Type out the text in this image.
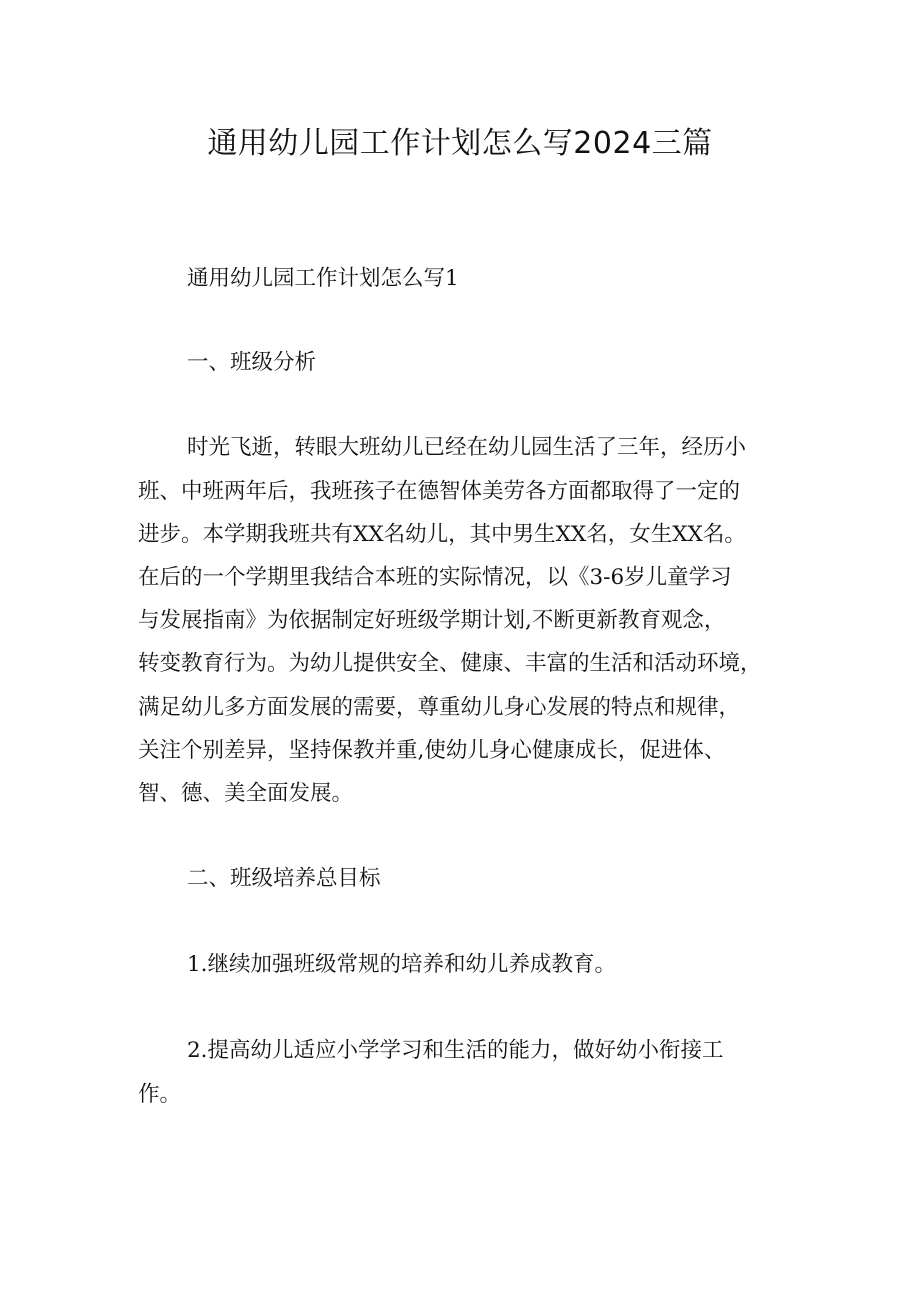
通用幼儿园工作计划怎么写2024三篇

通用幼儿园工作计划怎么写1

一、班级分析

时光飞逝，转眼大班幼儿已经在幼儿园生活了三年，经历小

班、中班两年后，我班孩子在德智体美劳各方面都取得了一定的

进步。本学期我班共有XX名幼儿，其中男生XX名，女生XX名。

在后的一个学期里我结合本班的实际情况，以《3-6岁儿童学习

与发展指南》为依据制定好班级学期计划,不断更新教育观念，

转变教育行为。为幼儿提供安全、健康、丰富的生活和活动环境，

满足幼儿多方面发展的需要，尊重幼儿身心发展的特点和规律，

关注个别差异，坚持保教并重,使幼儿身心健康成长，促进体、

智、德、美全面发展。

二、班级培养总目标

1.继续加强班级常规的培养和幼儿养成教育。

2.提高幼儿适应小学学习和生活的能力，做好幼小衔接工

作。
